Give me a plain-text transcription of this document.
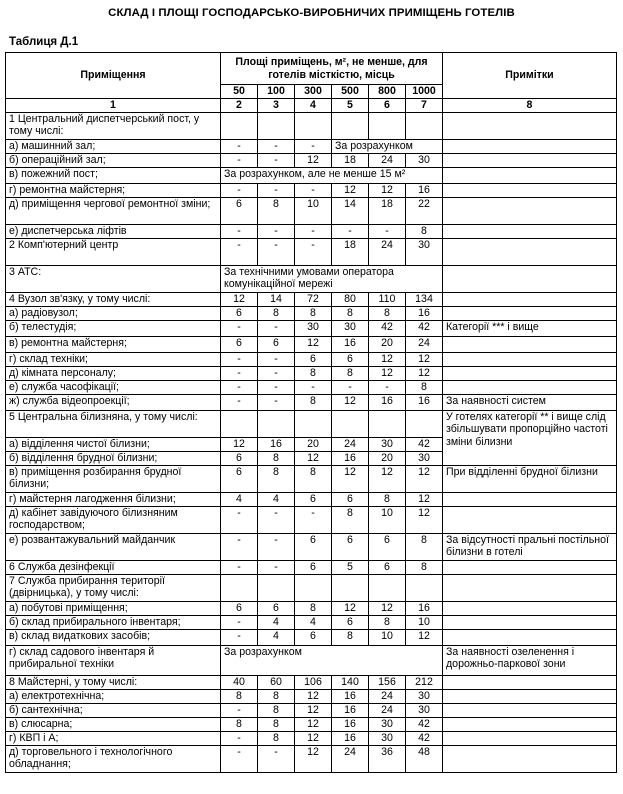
СКЛАД І ПЛОЩІ ГОСПОДАРСЬКО-ВИРОБНИЧИХ ПРИМІЩЕНЬ ГОТЕЛІВ
Таблиця Д.1
Приміщення	Площі приміщень, м², не менше, для готелів місткістю, місць						Примітки
	50	100	300	500	800	1000	
1	2	3	4	5	6	7	8
1 Центральний диспетчерський пост, у тому числі:							
а) машинний зал;	-	-	-	За розрахунком			
б) операційний зал;	-	-	12	18	24	30	
в) пожежний пост;	За розрахунком, але не менше 15 м²						
г) ремонтна майстерня;	-	-	-	12	12	16	
д) приміщення чергової ремонтної зміни;	6	8	10	14	18	22	
е) диспетчерська ліфтів	-	-	-	-	-	8	
2 Комп'ютерний центр	-	-	-	18	24	30	
3 АТС:	За технічними умовами оператора комунікаційної мережі						
4 Вузол зв'язку, у тому числі:	12	14	72	80	110	134	
а) радіовузол;	6	8	8	8	8	16	
б) телестудія;	-	-	30	30	42	42	Категорії *** і вище
в) ремонтна майстерня;	6	6	12	16	20	24	
г) склад техніки;	-	-	6	6	12	12	
д) кімната персоналу;	-	-	8	8	12	12	
е) служба часофікації;	-	-	-	-	-	8	
ж) служба відеопроекції;	-	-	8	12	16	16	За наявності систем
5 Центральна білизняна, у тому числі:							У готелях категорії ** і вище слід збільшувати пропорційно частоті зміни білизни
а) відділення чистої білизни;	12	16	20	24	30	42	
б) відділення брудної білизни;	6	8	12	16	20	30	
в) приміщення розбирання брудної білизни;	6	8	8	12	12	12	При відділенні брудної білизни
г) майстерня лагодження білизни;	4	4	6	6	8	12	
д) кабінет завідуючого білизняним господарством;	-	-	-	8	10	12	
е) розвантажувальний майданчик	-	-	6	6	6	8	За відсутності пральні постільної білизни в готелі
6 Служба дезінфекції	-	-	6	5	6	8	
7 Служба прибирання території (двірницька), у тому числі:							
а) побутові приміщення;	6	6	8	12	12	16	
б) склад прибирального інвентаря;	-	4	4	6	8	10	
в) склад видаткових засобів;	-	4	6	8	10	12	
г) склад садового інвентаря й прибиральної техніки	За розрахунком						За наявності озеленення і дорожньо-паркової зони
8 Майстерні, у тому числі:	40	60	106	140	156	212	
а) електротехнічна;	8	8	12	16	24	30	
б) сантехнічна;	-	8	12	16	24	30	
в) слюсарна;	8	8	12	16	30	42	
г) КВП і А;	-	8	12	16	30	42	
д) торговельного і технологічного обладнання;	-	-	12	24	36	48	
